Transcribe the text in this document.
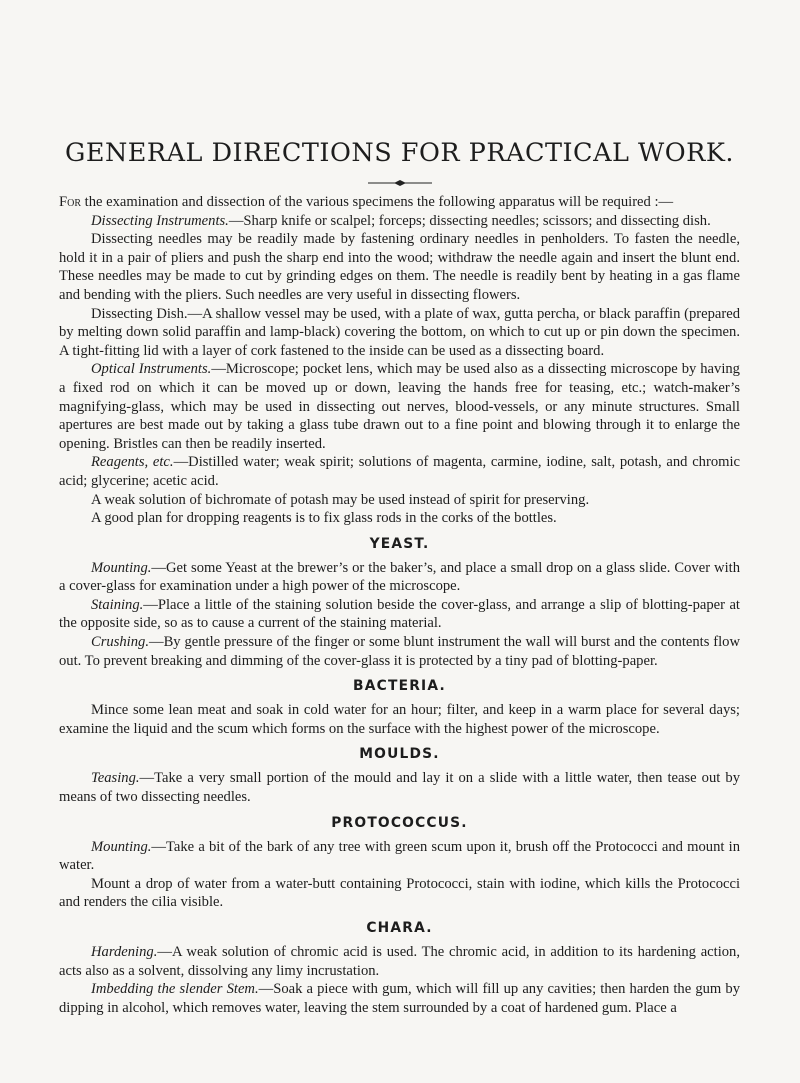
GENERAL DIRECTIONS FOR PRACTICAL WORK.

For the examination and dissection of the various specimens the following apparatus will be required :—

Dissecting Instruments.—Sharp knife or scalpel; forceps; dissecting needles; scissors; and dissecting dish.

Dissecting needles may be readily made by fastening ordinary needles in penholders. To fasten the needle, hold it in a pair of pliers and push the sharp end into the wood; withdraw the needle again and insert the blunt end. These needles may be made to cut by grinding edges on them. The needle is readily bent by heating in a gas flame and bending with the pliers. Such needles are very useful in dissecting flowers.

Dissecting Dish.—A shallow vessel may be used, with a plate of wax, gutta percha, or black paraffin (prepared by melting down solid paraffin and lamp-black) covering the bottom, on which to cut up or pin down the specimen. A tight-fitting lid with a layer of cork fastened to the inside can be used as a dissecting board.

Optical Instruments.—Microscope; pocket lens, which may be used also as a dissecting microscope by having a fixed rod on which it can be moved up or down, leaving the hands free for teasing, etc.; watch-maker’s magnifying-glass, which may be used in dissecting out nerves, blood-vessels, or any minute structures. Small apertures are best made out by taking a glass tube drawn out to a fine point and blowing through it to enlarge the opening. Bristles can then be readily inserted.

Reagents, etc.—Distilled water; weak spirit; solutions of magenta, carmine, iodine, salt, potash, and chromic acid; glycerine; acetic acid.

A weak solution of bichromate of potash may be used instead of spirit for preserving.

A good plan for dropping reagents is to fix glass rods in the corks of the bottles.

YEAST.

Mounting.—Get some Yeast at the brewer’s or the baker’s, and place a small drop on a glass slide. Cover with a cover-glass for examination under a high power of the microscope.

Staining.—Place a little of the staining solution beside the cover-glass, and arrange a slip of blotting-paper at the opposite side, so as to cause a current of the staining material.

Crushing.—By gentle pressure of the finger or some blunt instrument the wall will burst and the contents flow out. To prevent breaking and dimming of the cover-glass it is protected by a tiny pad of blotting-paper.

BACTERIA.

Mince some lean meat and soak in cold water for an hour; filter, and keep in a warm place for several days; examine the liquid and the scum which forms on the surface with the highest power of the microscope.

MOULDS.

Teasing.—Take a very small portion of the mould and lay it on a slide with a little water, then tease out by means of two dissecting needles.

PROTOCOCCUS.

Mounting.—Take a bit of the bark of any tree with green scum upon it, brush off the Protococci and mount in water.

Mount a drop of water from a water-butt containing Protococci, stain with iodine, which kills the Protococci and renders the cilia visible.

CHARA.

Hardening.—A weak solution of chromic acid is used. The chromic acid, in addition to its hardening action, acts also as a solvent, dissolving any limy incrustation.

Imbedding the slender Stem.—Soak a piece with gum, which will fill up any cavities; then harden the gum by dipping in alcohol, which removes water, leaving the stem surrounded by a coat of hardened gum. Place a
